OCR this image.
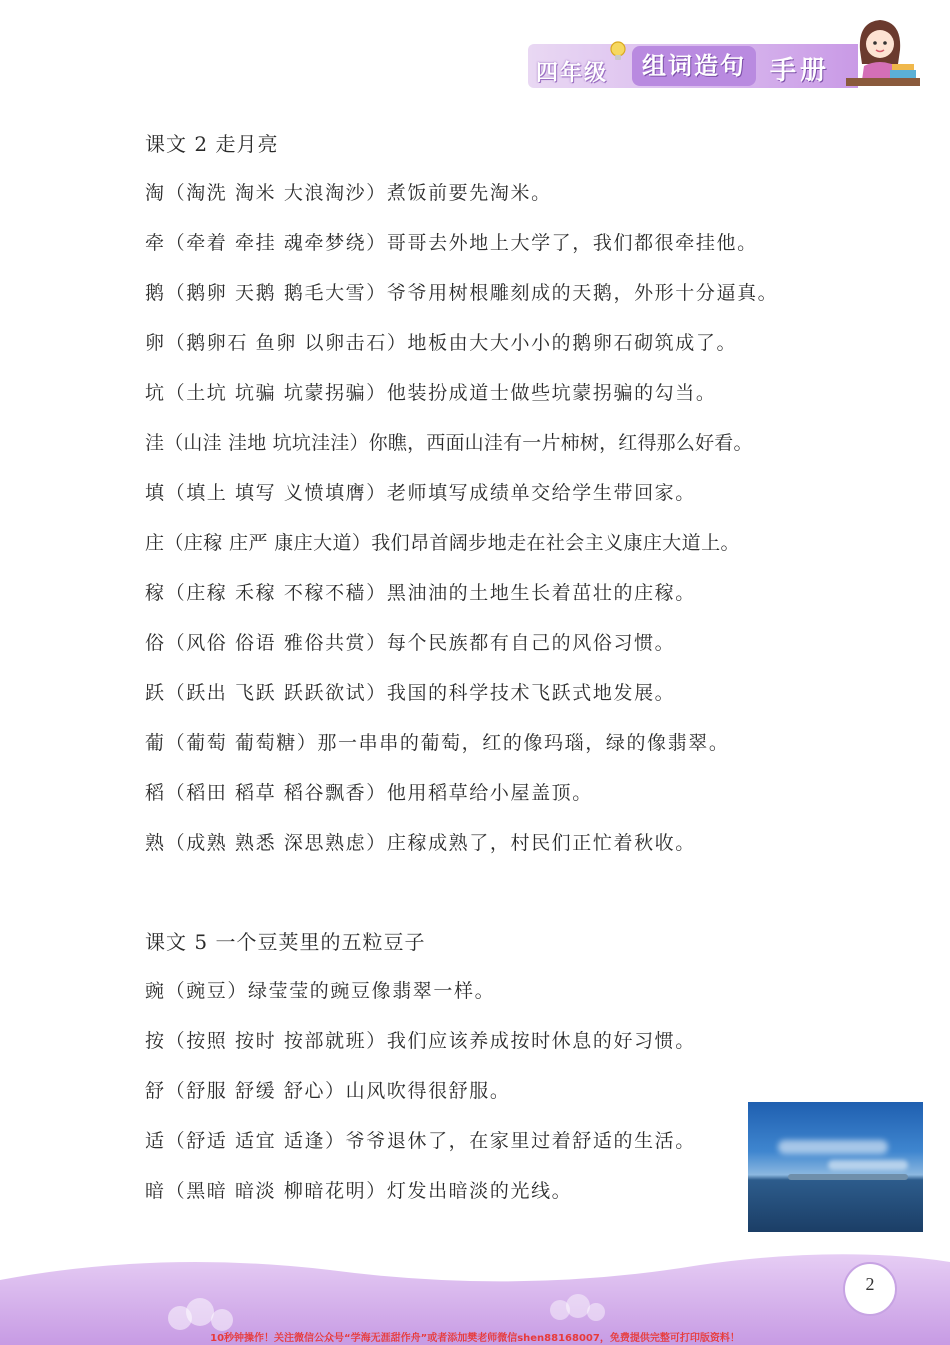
四年级	组词造句 手册
课文 2 走月亮
淘（淘洗 淘米 大浪淘沙）煮饭前要先淘米。
牵（牵着 牵挂 魂牵梦绕）哥哥去外地上大学了，我们都很牵挂他。
鹅（鹅卵 天鹅 鹅毛大雪）爷爷用树根雕刻成的天鹅，外形十分逼真。
卵（鹅卵石 鱼卵 以卵击石）地板由大大小小的鹅卵石砌筑成了。
坑（土坑 坑骗 坑蒙拐骗）他装扮成道士做些坑蒙拐骗的勾当。
洼（山洼 洼地 坑坑洼洼）你瞧，西面山洼有一片柿树，红得那么好看。
填（填上 填写 义愤填膺）老师填写成绩单交给学生带回家。
庄（庄稼 庄严 康庄大道）我们昂首阔步地走在社会主义康庄大道上。
稼（庄稼 禾稼 不稼不穑）黑油油的土地生长着茁壮的庄稼。
俗（风俗 俗语 雅俗共赏）每个民族都有自己的风俗习惯。
跃（跃出 飞跃 跃跃欲试）我国的科学技术飞跃式地发展。
葡（葡萄 葡萄糖）那一串串的葡萄，红的像玛瑙，绿的像翡翠。
稻（稻田 稻草 稻谷飘香）他用稻草给小屋盖顶。
熟（成熟 熟悉 深思熟虑）庄稼成熟了，村民们正忙着秋收。
课文 5 一个豆荚里的五粒豆子
豌（豌豆）绿莹莹的豌豆像翡翠一样。
按（按照 按时 按部就班）我们应该养成按时休息的好习惯。
舒（舒服 舒缓 舒心）山风吹得很舒服。
适（舒适 适宜 适逢）爷爷退休了，在家里过着舒适的生活。
暗（黑暗 暗淡 柳暗花明）灯发出暗淡的光线。
2
10秒钟操作！关注微信公众号“学海无涯甜作舟”或者添加樊老师微信shen88168007，免费提供完整可打印版资料！
